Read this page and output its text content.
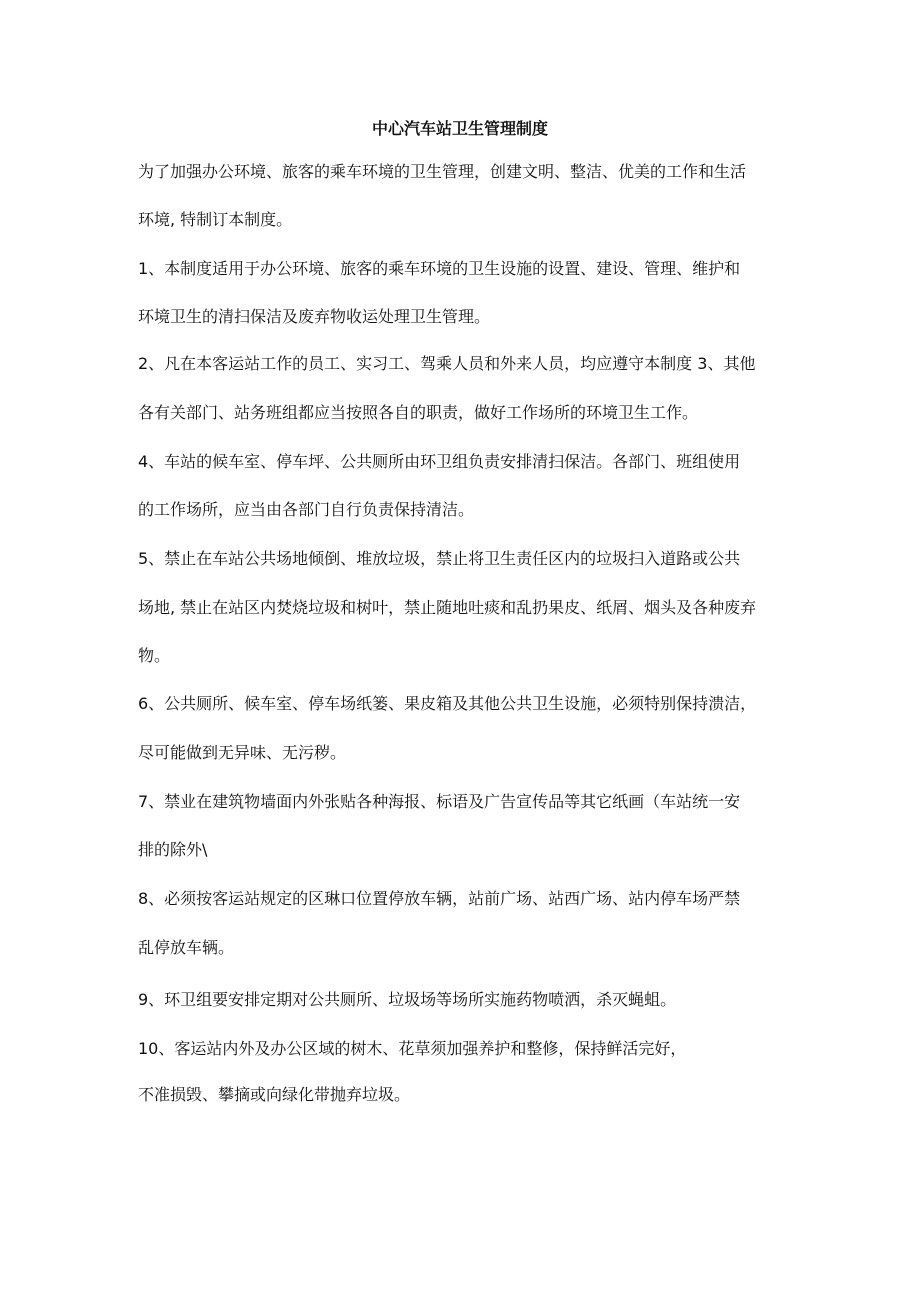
中心汽车站卫生管理制度
为了加强办公环境、旅客的乘车环境的卫生管理，创建文明、整洁、优美的工作和生活
环境, 特制订本制度。
1、本制度适用于办公环境、旅客的乘车环境的卫生设施的设置、建设、管理、维护和
环境卫生的清扫保洁及废弃物收运处理卫生管理。
2、凡在本客运站工作的员工、实习工、驾乘人员和外来人员，均应遵守本制度 3、其他
各有关部门、站务班组都应当按照各自的职责，做好工作场所的环境卫生工作。
4、车站的候车室、停车坪、公共厕所由环卫组负责安排清扫保洁。各部门、班组使用
的工作场所，应当由各部门自行负责保持清洁。
5、禁止在车站公共场地倾倒、堆放垃圾，禁止将卫生责任区内的垃圾扫入道路或公共
场地, 禁止在站区内焚烧垃圾和树叶，禁止随地吐痰和乱扔果皮、纸屑、烟头及各种废弃
物。
6、公共厕所、候车室、停车场纸篓、果皮箱及其他公共卫生设施，必须特别保持溃洁，
尽可能做到无异味、无污秽。
7、禁业在建筑物墙面内外张贴各种海报、标语及广告宣传品等其它纸画（车站统一安
排的除外\
8、必须按客运站规定的区琳口位置停放车辆，站前广场、站西广场、站内停车场严禁
乱停放车辆。
9、环卫组要安排定期对公共厕所、垃圾场等场所实施药物喷洒，杀灭蝇蛆。
10、客运站内外及办公区域的树木、花草须加强养护和整修，保持鲜活完好，
不准损毁、攀摘或向绿化带抛弃垃圾。
